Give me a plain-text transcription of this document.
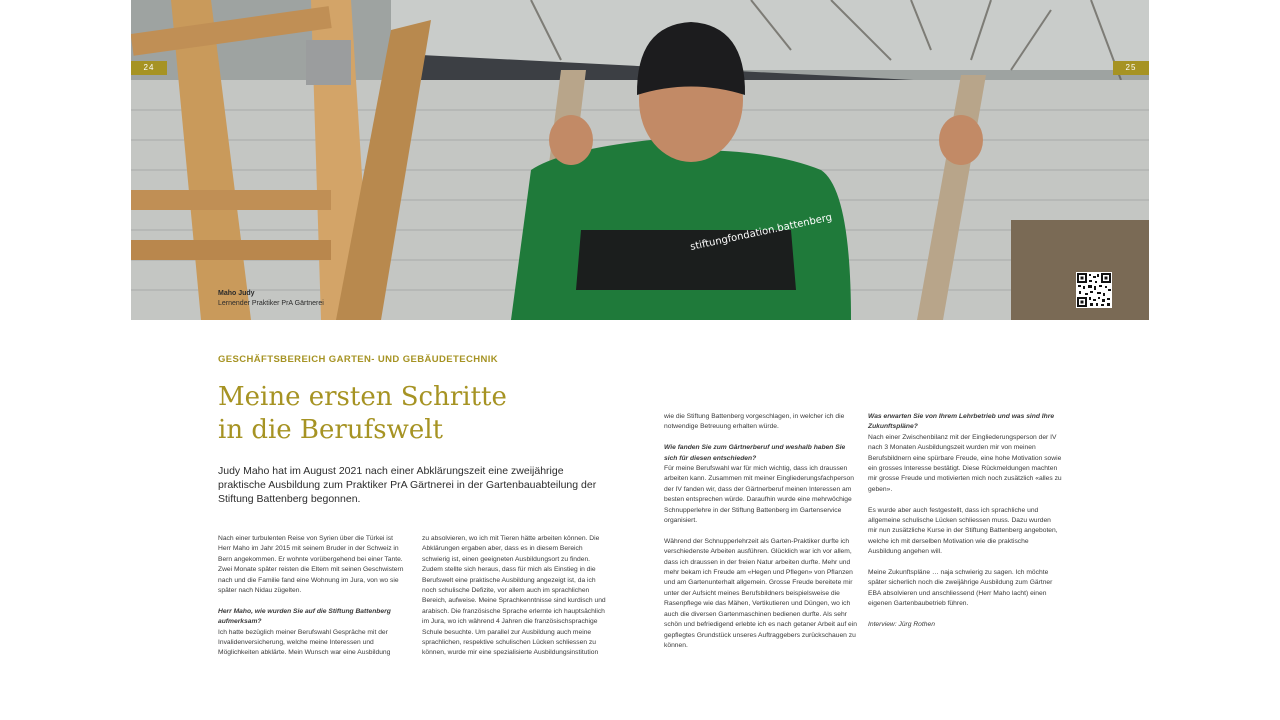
stiftungfondation.battenberg
24	25
Maho Judy
Lernender Praktiker PrA Gärtnerei
GESCHÄFTSBEREICH GARTEN- UND GEBÄUDETECHNIK
Meine ersten Schritte
in die Berufswelt
Judy Maho hat im August 2021 nach einer Abklärungszeit eine zweijährige praktische Ausbildung zum Praktiker PrA Gärtnerei in der Gartenbauabteilung der Stiftung Battenberg begonnen.

Nach einer turbulenten Reise von Syrien über die Türkei ist Herr Maho im Jahr 2015 mit seinem Bruder in der Schweiz in Bern angekommen. Er wohnte vorübergehend bei einer Tante. Zwei Monate später reisten die Eltern mit seinen Geschwistern nach und die Familie fand eine Wohnung im Jura, von wo sie später nach Nidau zügelten.

Herr Maho, wie wurden Sie auf die Stiftung Battenberg aufmerksam?

Ich hatte bezüglich meiner Berufswahl Gespräche mit der Invalidenversicherung, welche meine Interessen und Möglichkeiten abklärte. Mein Wunsch war eine Ausbildung

zu absolvieren, wo ich mit Tieren hätte arbeiten können. Die Abklärungen ergaben aber, dass es in diesem Bereich schwierig ist, einen geeigneten Ausbildungsort zu finden. Zudem stellte sich heraus, dass für mich als Einstieg in die Berufswelt eine praktische Ausbildung angezeigt ist, da ich noch schulische Defizite, vor allem auch im sprachlichen Bereich, aufweise. Meine Sprachkenntnisse sind kurdisch und arabisch. Die französische Sprache erlernte ich hauptsächlich im Jura, wo ich während 4 Jahren die französischsprachige Schule besuchte. Um parallel zur Ausbildung auch meine sprachlichen, respektive schulischen Lücken schliessen zu können, wurde mir eine spezialisierte Ausbildungsinstitution

wie die Stiftung Battenberg vorgeschlagen, in welcher ich die notwendige Betreuung erhalten würde.

Wie fanden Sie zum Gärtnerberuf und weshalb haben Sie sich für diesen entschieden?

Für meine Berufswahl war für mich wichtig, dass ich draussen arbeiten kann. Zusammen mit meiner Eingliederungsfachperson der IV fanden wir, dass der Gärtnerberuf meinen Interessen am besten entsprechen würde. Daraufhin wurde eine mehrwöchige Schnupperlehre in der Stiftung Battenberg im Gartenservice organisiert.

Während der Schnupperlehrzeit als Garten-Praktiker durfte ich verschiedenste Arbeiten ausführen. Glücklich war ich vor allem, dass ich draussen in der freien Natur arbeiten durfte. Mehr und mehr bekam ich Freude am «Hegen und Pflegen» von Pflanzen und am Gartenunterhalt allgemein. Grosse Freude bereitete mir unter der Aufsicht meines Berufsbildners beispielsweise die Rasenpflege wie das Mähen, Vertikutieren und Düngen, wo ich auch die diversen Gartenmaschinen bedienen durfte. Als sehr schön und befriedigend erlebte ich es nach getaner Arbeit auf ein gepflegtes Grundstück unseres Auftraggebers zurückschauen zu können.

Was erwarten Sie von Ihrem Lehrbetrieb und was sind Ihre Zukunftspläne?

Nach einer Zwischenbilanz mit der Eingliederungsperson der IV nach 3 Monaten Ausbildungszeit wurden mir von meinen Berufsbildnern eine spürbare Freude, eine hohe Motivation sowie ein grosses Interesse bestätigt. Diese Rückmeldungen machten mir grosse Freude und motivierten mich noch zusätzlich «alles zu geben».

Es wurde aber auch festgestellt, dass ich sprachliche und allgemeine schulische Lücken schliessen muss. Dazu wurden mir nun zusätzliche Kurse in der Stiftung Battenberg angeboten, welche ich mit derselben Motivation wie die praktische Ausbildung angehen will.

Meine Zukunftspläne … naja schwierig zu sagen. Ich möchte später sicherlich noch die zweijährige Ausbildung zum Gärtner EBA absolvieren und anschliessend (Herr Maho lacht) einen eigenen Gartenbaubetrieb führen.

Interview: Jürg Rothen
